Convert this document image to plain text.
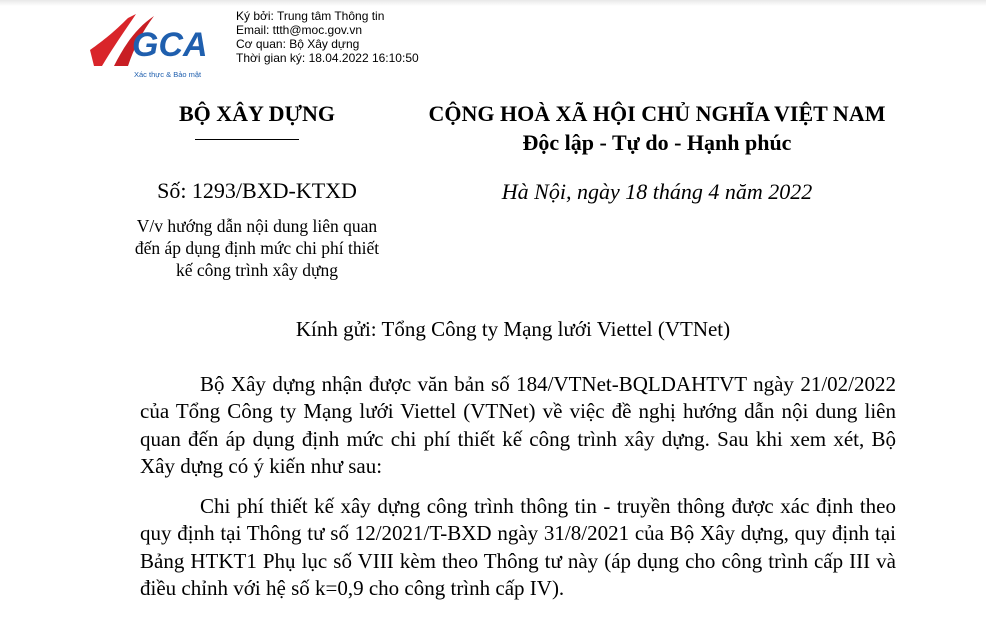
GCA
Xác thực & Bảo mật
Ký bởi: Trung tâm Thông tin
Email: ttth@moc.gov.vn
Cơ quan: Bộ Xây dựng
Thời gian ký: 18.04.2022 16:10:50
BỘ XÂY DỰNG
Số: 1293/BXD-KTXD
V/v hướng dẫn nội dung liên quan đến áp dụng định mức chi phí thiết kế công trình xây dựng
CỘNG HOÀ XÃ HỘI CHỦ NGHĨA VIỆT NAM
Độc lập - Tự do - Hạnh phúc
Hà Nội, ngày 18 tháng 4 năm 2022
Kính gửi: Tổng Công ty Mạng lưới Viettel (VTNet)

Bộ Xây dựng nhận được văn bản số 184/VTNet-BQLDAHTVT ngày 21/02/2022 của Tổng Công ty Mạng lưới Viettel (VTNet) về việc đề nghị hướng dẫn nội dung liên quan đến áp dụng định mức chi phí thiết kế công trình xây dựng. Sau khi xem xét, Bộ Xây dựng có ý kiến như sau:

Chi phí thiết kế xây dựng công trình thông tin - truyền thông được xác định theo quy định tại Thông tư số 12/2021/T-BXD ngày 31/8/2021 của Bộ Xây dựng, quy định tại Bảng HTKT1 Phụ lục số VIII kèm theo Thông tư này (áp dụng cho công trình cấp III và điều chỉnh với hệ số k=0,9 cho công trình cấp IV).
